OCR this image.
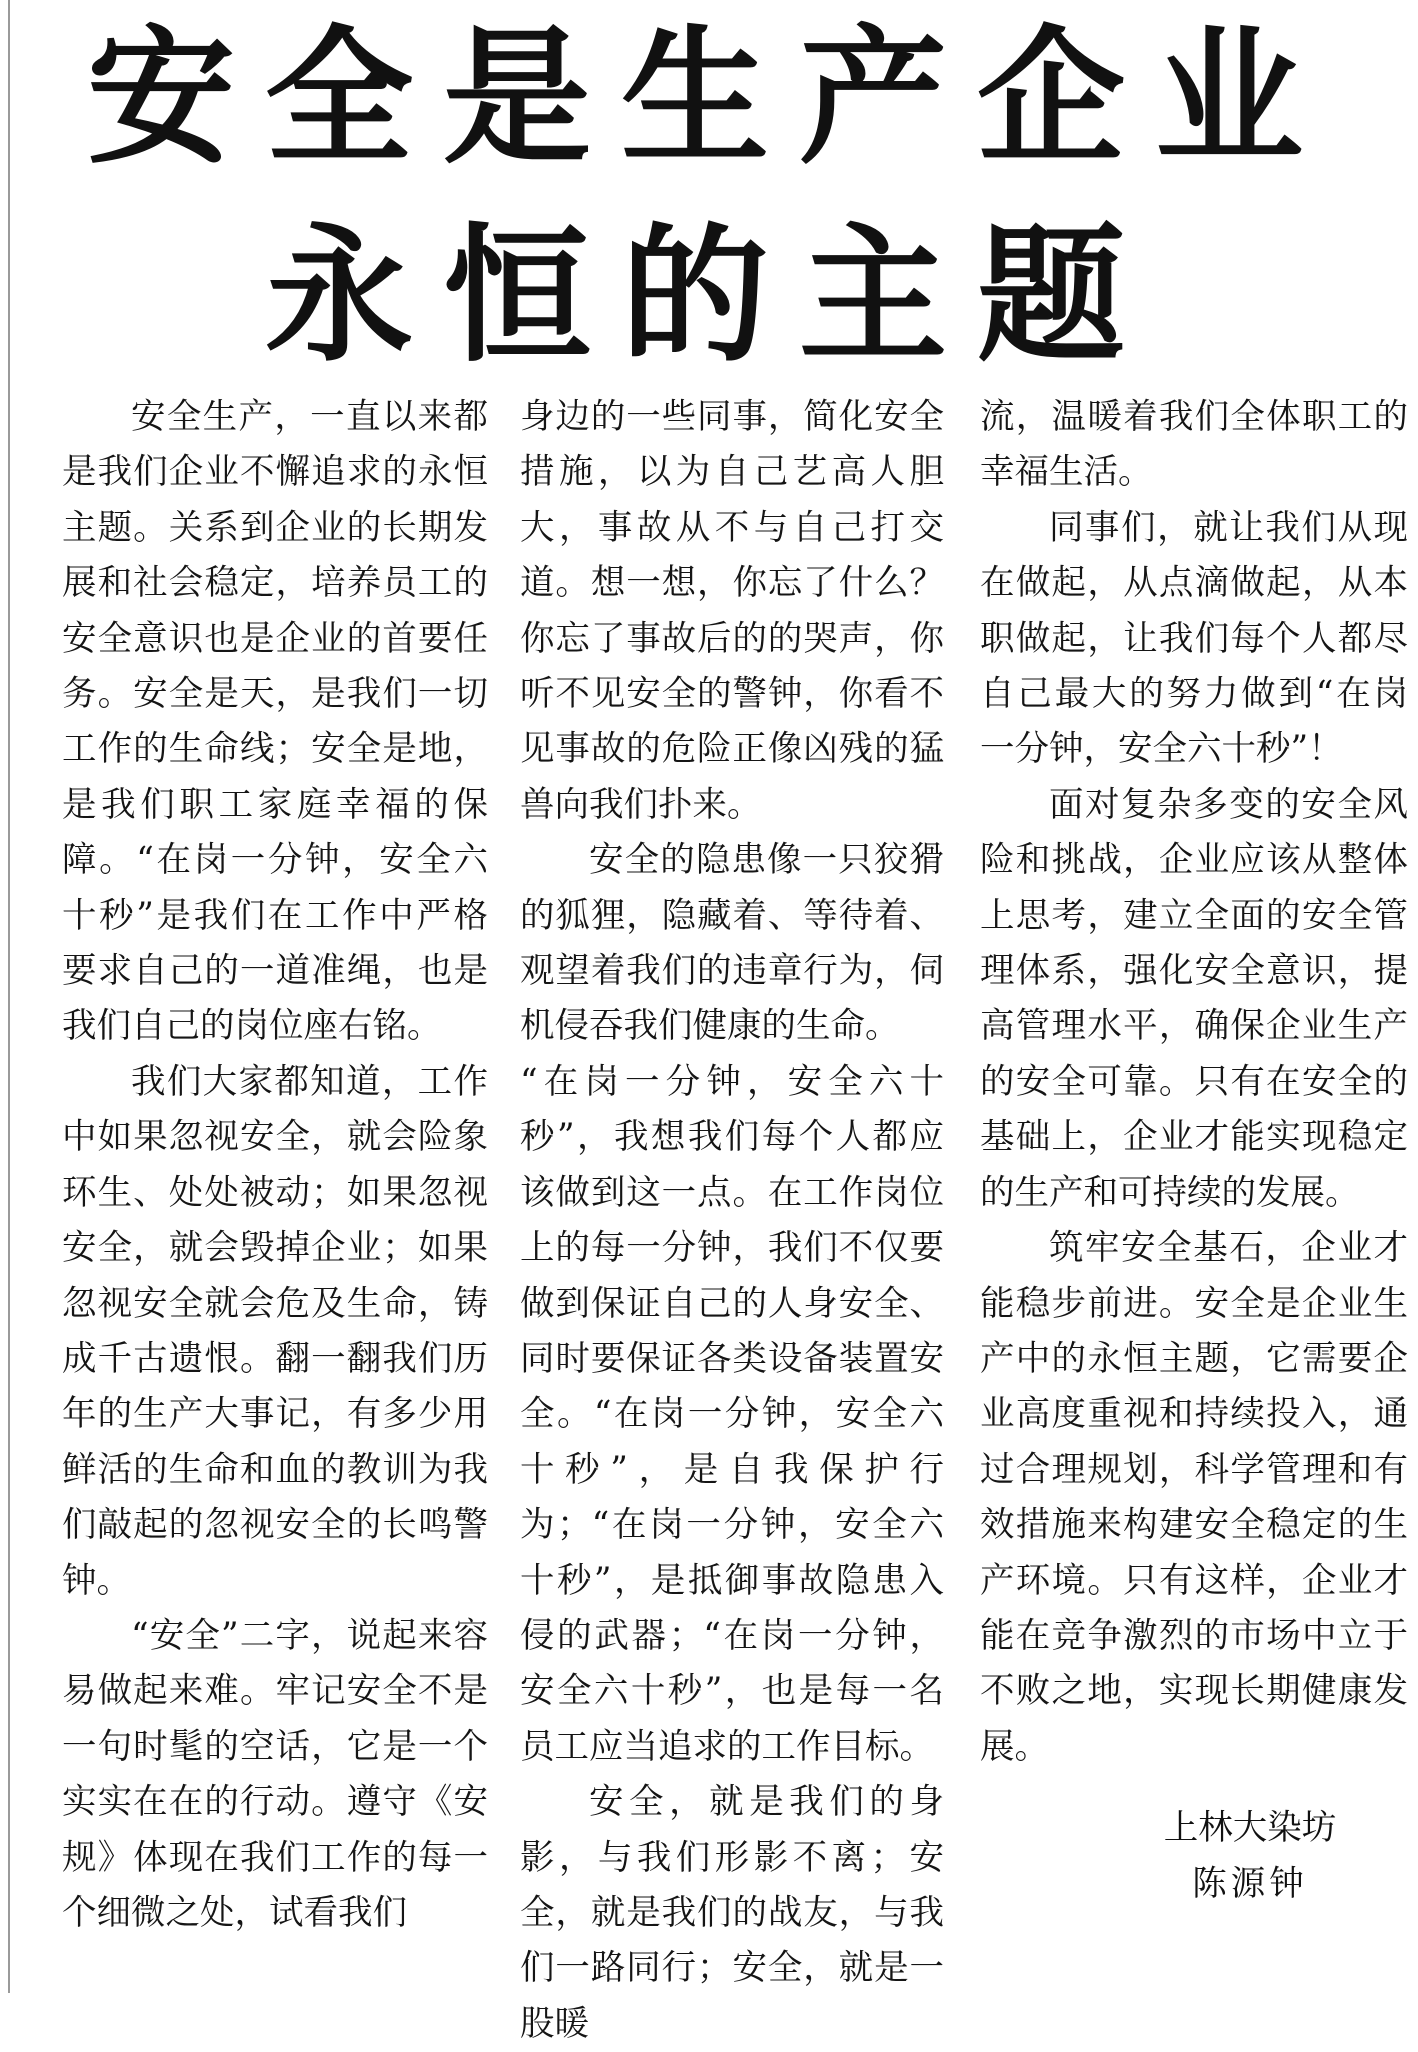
安全是生产企业
永恒的主题

安全生产，一直以来都是我们企业不懈追求的永恒主题。关系到企业的长期发展和社会稳定，培养员工的安全意识也是企业的首要任务。安全是天，是我们一切工作的生命线；安全是地，是我们职工家庭幸福的保障。“在岗一分钟，安全六十秒”是我们在工作中严格要求自己的一道准绳，也是我们自己的岗位座右铭。

我们大家都知道，工作中如果忽视安全，就会险象环生、处处被动；如果忽视安全，就会毁掉企业；如果忽视安全就会危及生命，铸成千古遗恨。翻一翻我们历年的生产大事记，有多少用鲜活的生命和血的教训为我们敲起的忽视安全的长鸣警钟。

“安全”二字，说起来容易做起来难。牢记安全不是一句时髦的空话，它是一个实实在在的行动。遵守《安规》体现在我们工作的每一个细微之处，试看我们

身边的一些同事，简化安全措施，以为自己艺高人胆大，事故从不与自己打交道。想一想，你忘了什么？你忘了事故后的的哭声，你听不见安全的警钟，你看不见事故的危险正像凶残的猛兽向我们扑来。

安全的隐患像一只狡猾的狐狸，隐藏着、等待着、观望着我们的违章行为，伺机侵吞我们健康的生命。

“在岗一分钟，安全六十秒”，我想我们每个人都应该做到这一点。在工作岗位上的每一分钟，我们不仅要做到保证自己的人身安全、同时要保证各类设备装置安全。“在岗一分钟，安全六十秒”，是自我保护行为；“在岗一分钟，安全六十秒”，是抵御事故隐患入侵的武器；“在岗一分钟，安全六十秒”，也是每一名员工应当追求的工作目标。

安全，就是我们的身影，与我们形影不离；安全，就是我们的战友，与我们一路同行；安全，就是一股暖

流，温暖着我们全体职工的幸福生活。

同事们，就让我们从现在做起，从点滴做起，从本职做起，让我们每个人都尽自己最大的努力做到“在岗一分钟，安全六十秒”！

面对复杂多变的安全风险和挑战，企业应该从整体上思考，建立全面的安全管理体系，强化安全意识，提高管理水平，确保企业生产的安全可靠。只有在安全的基础上，企业才能实现稳定的生产和可持续的发展。

筑牢安全基石，企业才能稳步前进。安全是企业生产中的永恒主题，它需要企业高度重视和持续投入，通过合理规划，科学管理和有效措施来构建安全稳定的生产环境。只有这样，企业才能在竞争激烈的市场中立于不败之地，实现长期健康发展。

上林大染坊
陈源钟
